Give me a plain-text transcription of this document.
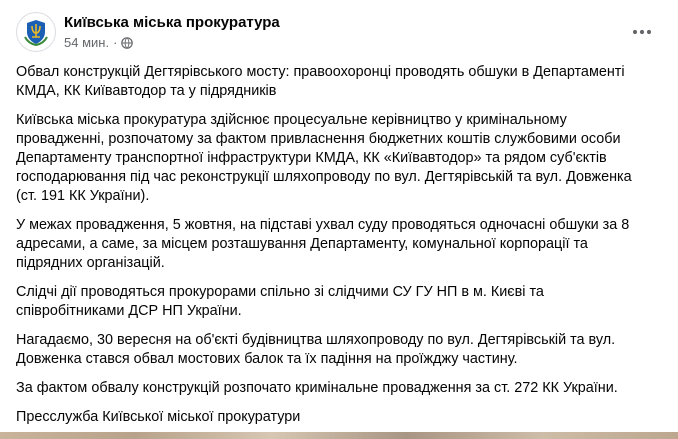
Київська міська прокуратура
54 мин. ·

Обвал конструкцій Дегтярівського мосту: правоохоронці проводять обшуки в Департаменті КМДА, КК Київавтодор та у підрядників

Київська міська прокуратура здійснює процесуальне керівництво у кримінальному провадженні, розпочатому за фактом привласнення бюджетних коштів службовими особи Департаменту транспортної інфраструктури КМДА, КК «Київавтодор» та рядом суб'єктів господарювання під час реконструкції шляхопроводу по вул. Дегтярівській та вул. Довженка (ст. 191 КК України).

У межах провадження, 5 жовтня, на підставі ухвал суду проводяться одночасні обшуки за 8 адресами, а саме, за місцем розташування Департаменту, комунальної корпорації та підрядних організацій.

Слідчі дії проводяться прокурорами спільно зі слідчими СУ ГУ НП в м. Києві та співробітниками ДСР НП України.

Нагадаємо, 30 вересня на об'єкті будівництва шляхопроводу по вул. Дегтярівській та вул. Довженка стався обвал мостових балок та їх падіння на проїжджу частину.

За фактом обвалу конструкцій розпочато кримінальне провадження за ст. 272 КК України.

Пресслужба Київської міської прокуратури
